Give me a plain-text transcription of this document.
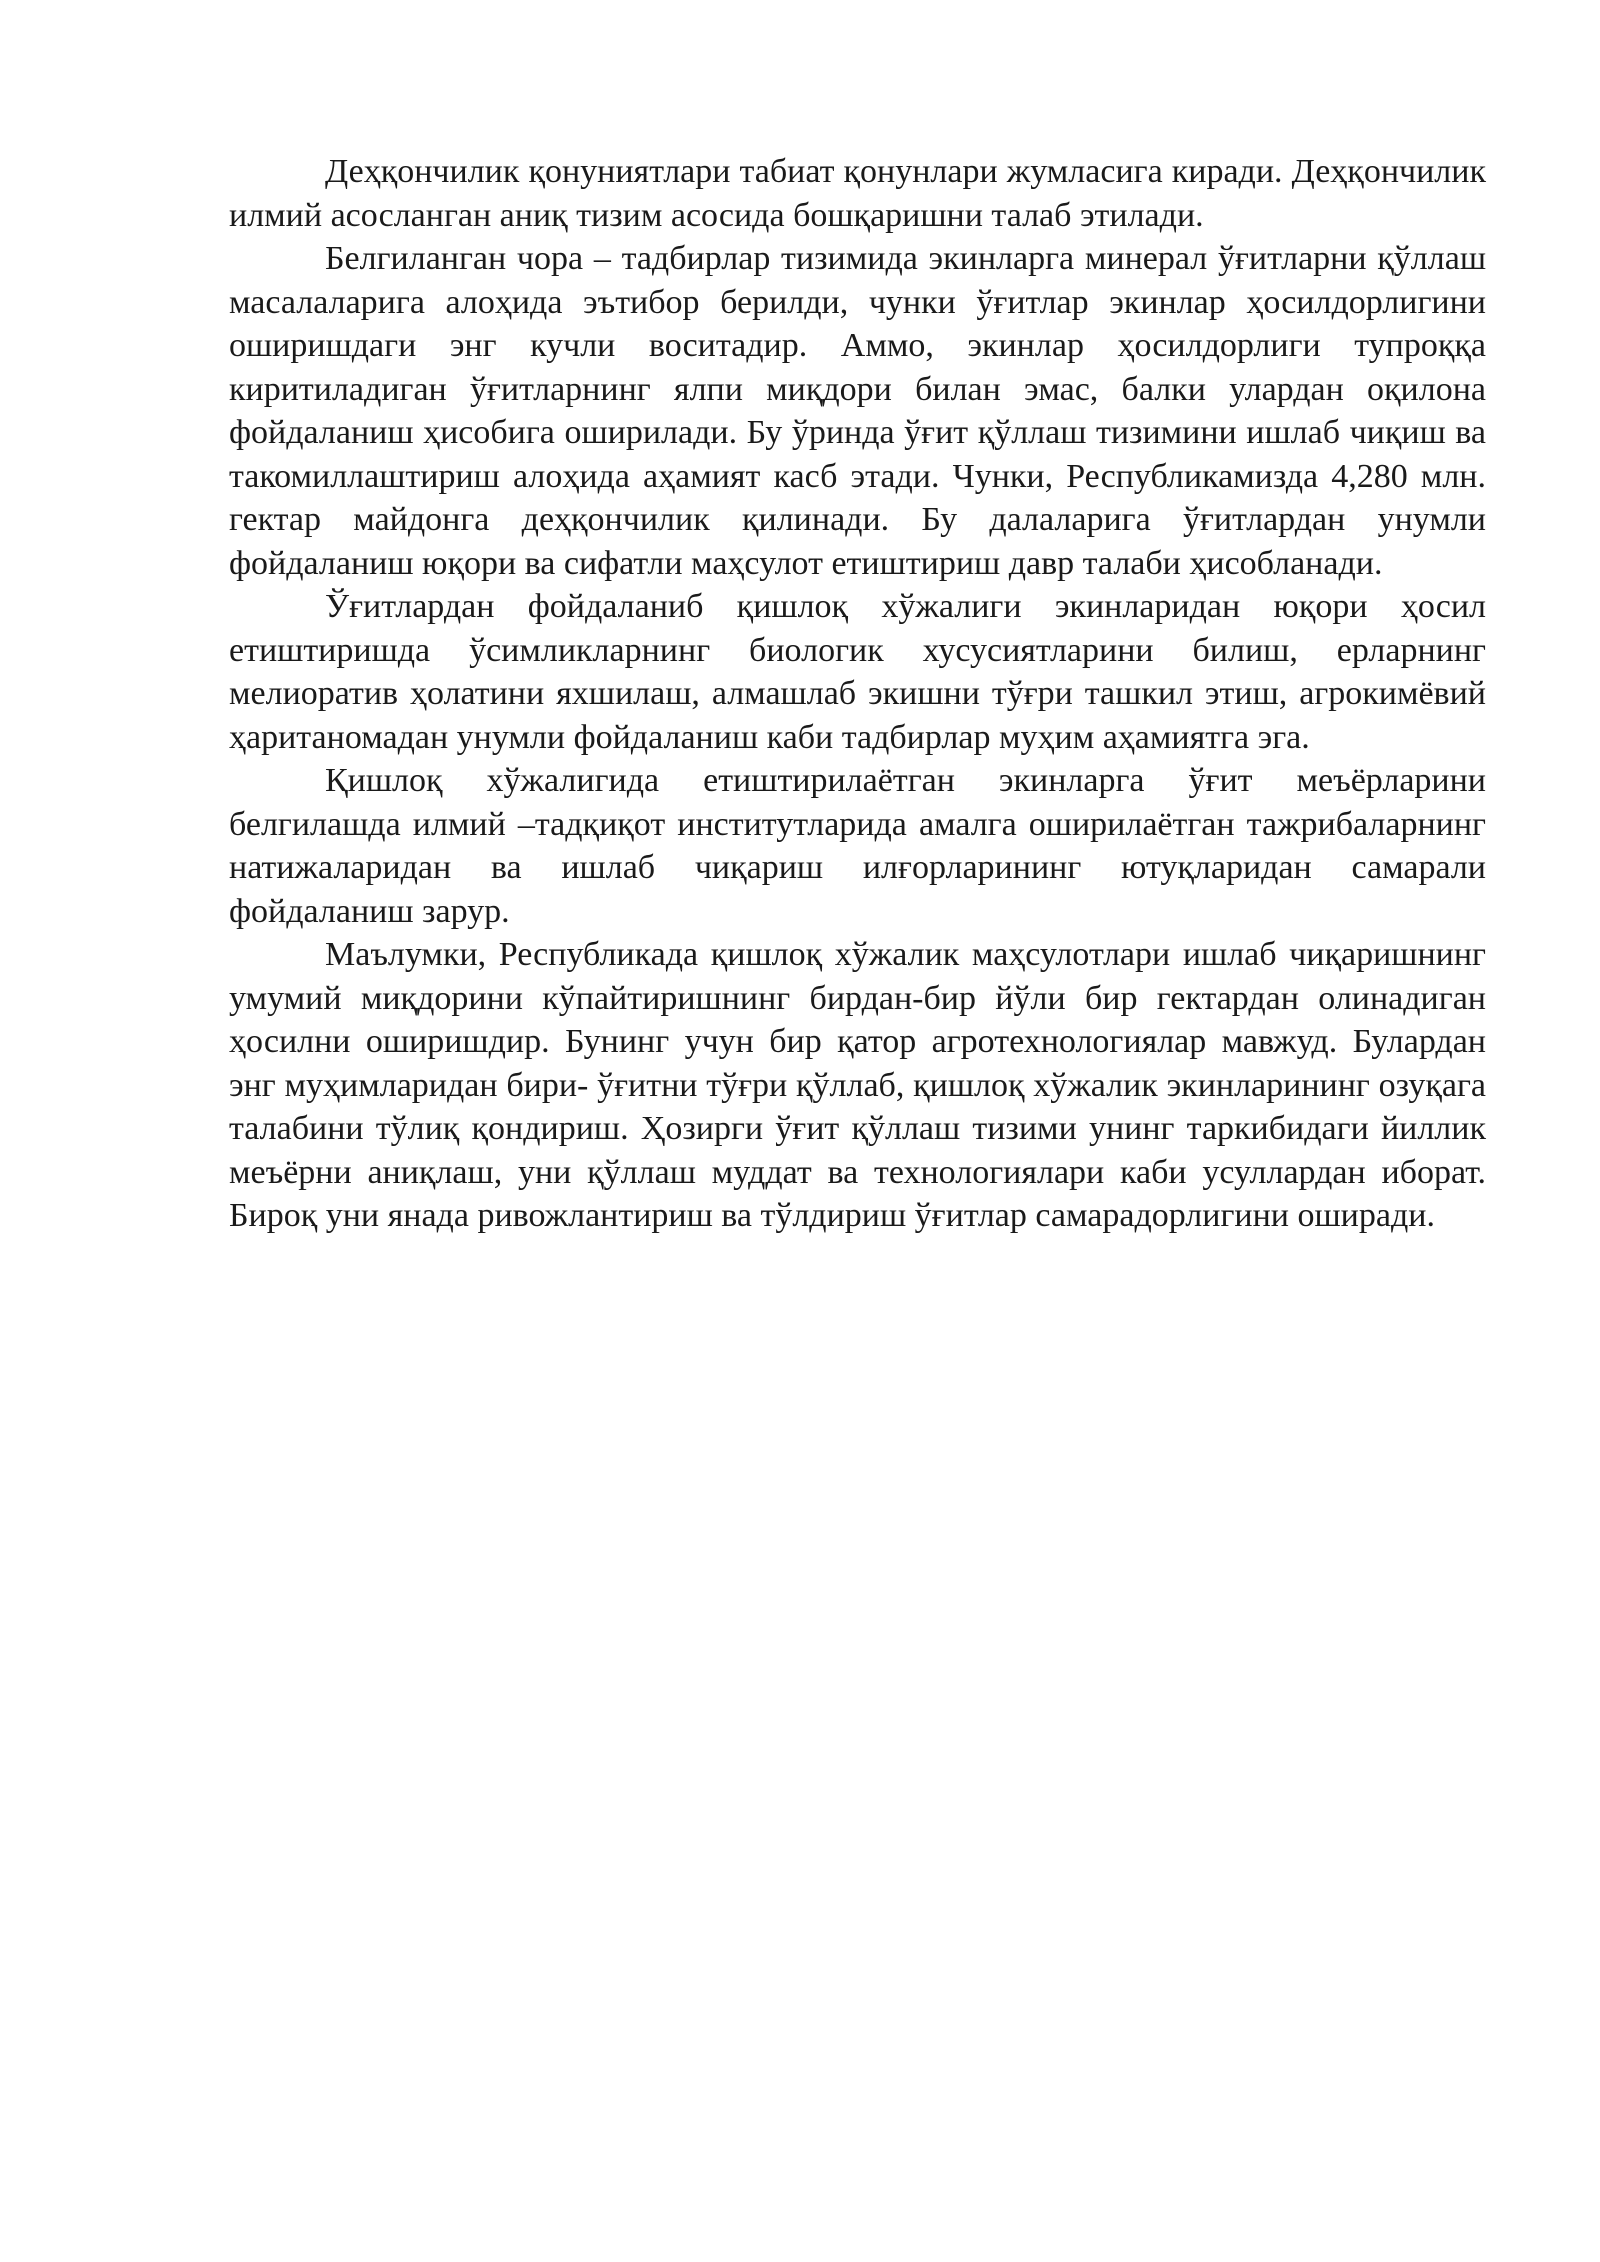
Деҳқончилик қонуниятлари табиат қонунлари жумласига киради. Деҳқончилик илмий асосланган аниқ тизим асосида бошқаришни талаб этилади.

Белгиланган чора – тадбирлар тизимида экинларга минерал ўғитларни қўллаш масалаларига алоҳида эътибор берилди, чунки ўғитлар экинлар ҳосилдорлигини оширишдаги энг кучли воситадир. Аммо, экинлар ҳосилдорлиги тупроққа киритиладиган ўғитларнинг ялпи миқдори билан эмас, балки улардан оқилона фойдаланиш ҳисобига оширилади. Бу ўринда ўғит қўллаш тизимини ишлаб чиқиш ва такомиллаштириш алоҳида аҳамият касб этади. Чунки, Республикамизда 4,280 млн. гектар майдонга деҳқончилик қилинади. Бу далаларига ўғитлардан унумли фойдаланиш юқори ва сифатли маҳсулот етиштириш давр талаби ҳисобланади.

Ўғитлардан фойдаланиб қишлоқ хўжалиги экинларидан юқори ҳосил етиштиришда ўсимликларнинг биологик хусусиятларини билиш, ерларнинг мелиоратив ҳолатини яхшилаш, алмашлаб экишни тўғри ташкил этиш, агрокимёвий ҳаританомадан унумли фойдаланиш каби тадбирлар муҳим аҳамиятга эга.

Қишлоқ хўжалигида етиштирилаётган экинларга ўғит меъёрларини белгилашда илмий –тадқиқот институтларида амалга оширилаётган тажрибаларнинг натижаларидан ва ишлаб чиқариш илғорларининг ютуқларидан самарали фойдаланиш зарур.

Маълумки, Республикада қишлоқ хўжалик маҳсулотлари ишлаб чиқаришнинг умумий миқдорини кўпайтиришнинг бирдан-бир йўли бир гектардан олинадиган ҳосилни оширишдир. Бунинг учун бир қатор агротехнологиялар мавжуд. Булардан энг муҳимларидан бири- ўғитни тўғри қўллаб, қишлоқ хўжалик экинларининг озуқага талабини тўлиқ қондириш. Ҳозирги ўғит қўллаш тизими унинг таркибидаги йиллик меъёрни аниқлаш, уни қўллаш муддат ва технологиялари каби усуллардан иборат. Бироқ уни янада ривожлантириш ва тўлдириш ўғитлар самарадорлигини оширади.
